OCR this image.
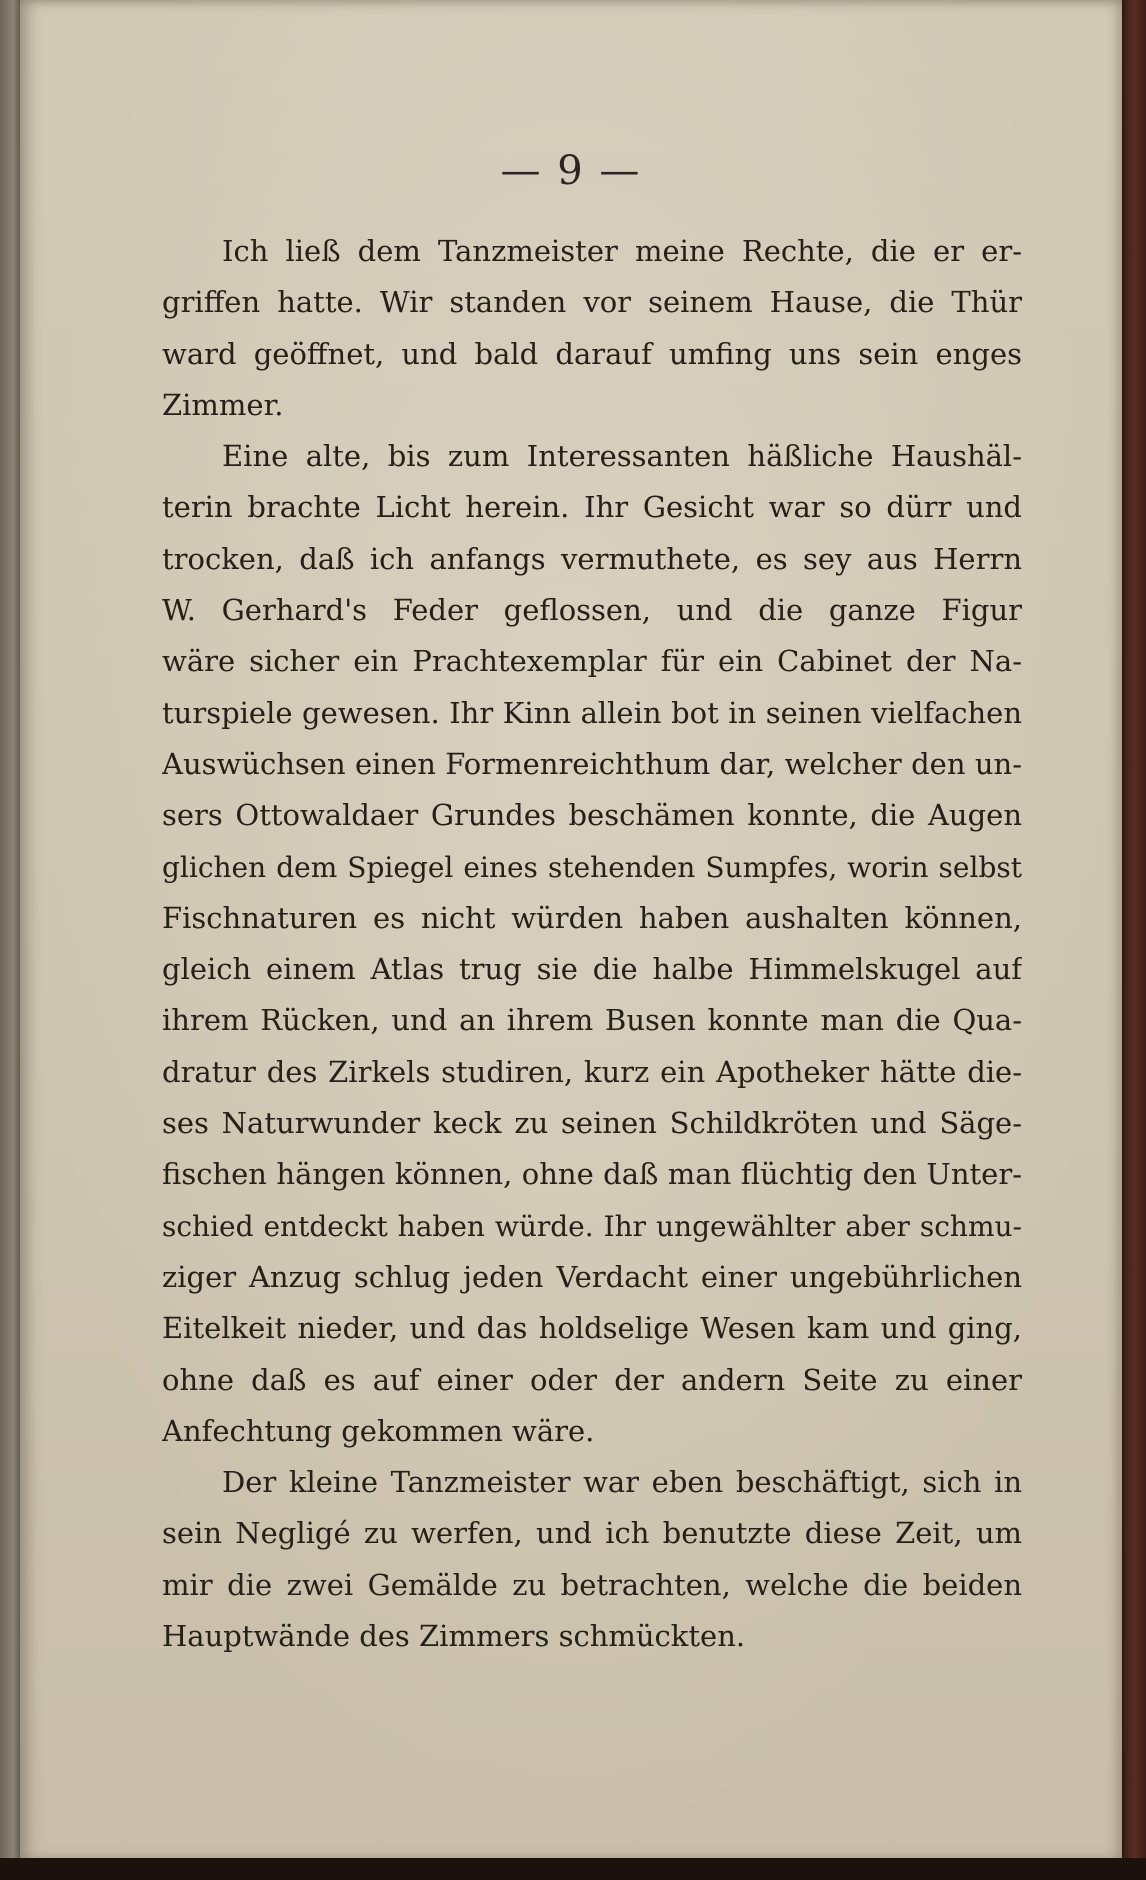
— 9 —
Ich ließ dem Tanzmeister meine Rechte, die er er-
griffen hatte. Wir standen vor seinem Hause, die Thür
ward geöffnet, und bald darauf umfing uns sein enges
Zimmer.
Eine alte, bis zum Interessanten häßliche Haushäl-
terin brachte Licht herein. Ihr Gesicht war so dürr und
trocken, daß ich anfangs vermuthete, es sey aus Herrn
W. Gerhard's Feder geflossen, und die ganze Figur
wäre sicher ein Prachtexemplar für ein Cabinet der Na-
turspiele gewesen. Ihr Kinn allein bot in seinen vielfachen
Auswüchsen einen Formenreichthum dar, welcher den un-
sers Ottowaldaer Grundes beschämen konnte, die Augen
glichen dem Spiegel eines stehenden Sumpfes, worin selbst
Fischnaturen es nicht würden haben aushalten können,
gleich einem Atlas trug sie die halbe Himmelskugel auf
ihrem Rücken, und an ihrem Busen konnte man die Qua-
dratur des Zirkels studiren, kurz ein Apotheker hätte die-
ses Naturwunder keck zu seinen Schildkröten und Säge-
fischen hängen können, ohne daß man flüchtig den Unter-
schied entdeckt haben würde. Ihr ungewählter aber schmu-
ziger Anzug schlug jeden Verdacht einer ungebührlichen
Eitelkeit nieder, und das holdselige Wesen kam und ging,
ohne daß es auf einer oder der andern Seite zu einer
Anfechtung gekommen wäre.
Der kleine Tanzmeister war eben beschäftigt, sich in
sein Negligé zu werfen, und ich benutzte diese Zeit, um
mir die zwei Gemälde zu betrachten, welche die beiden
Hauptwände des Zimmers schmückten.
